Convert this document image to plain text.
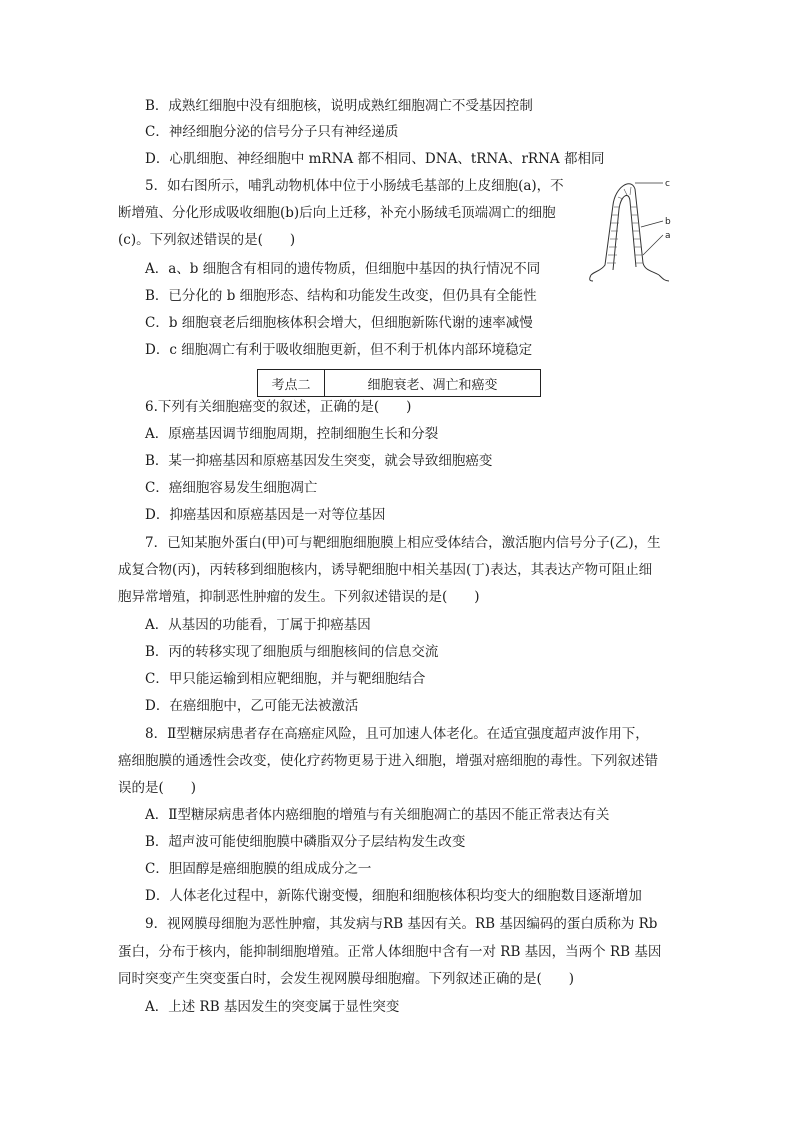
B．成熟红细胞中没有细胞核，说明成熟红细胞凋亡不受基因控制
C．神经细胞分泌的信号分子只有神经递质
D．心肌细胞、神经细胞中 mRNA 都不相同、DNA、tRNA、rRNA 都相同
5．如右图所示，哺乳动物机体中位于小肠绒毛基部的上皮细胞(a)，不
断增殖、分化形成吸收细胞(b)后向上迁移，补充小肠绒毛顶端凋亡的细胞
(c)。下列叙述错误的是(　　)
A．a、b 细胞含有相同的遗传物质，但细胞中基因的执行情况不同
B．已分化的 b 细胞形态、结构和功能发生改变，但仍具有全能性
C．b 细胞衰老后细胞核体积会增大，但细胞新陈代谢的速率减慢
D．c 细胞凋亡有利于吸收细胞更新，但不利于机体内部环境稳定
考点二	细胞衰老、凋亡和癌变
6.下列有关细胞癌变的叙述，正确的是(　　)
A．原癌基因调节细胞周期，控制细胞生长和分裂
B．某一抑癌基因和原癌基因发生突变，就会导致细胞癌变
C．癌细胞容易发生细胞凋亡
D．抑癌基因和原癌基因是一对等位基因
7．已知某胞外蛋白(甲)可与靶细胞细胞膜上相应受体结合，激活胞内信号分子(乙)，生
成复合物(丙)，丙转移到细胞核内，诱导靶细胞中相关基因(丁)表达，其表达产物可阻止细
胞异常增殖，抑制恶性肿瘤的发生。下列叙述错误的是(　　)
A．从基因的功能看，丁属于抑癌基因
B．丙的转移实现了细胞质与细胞核间的信息交流
C．甲只能运输到相应靶细胞，并与靶细胞结合
D．在癌细胞中，乙可能无法被激活
8．Ⅱ型糖尿病患者存在高癌症风险，且可加速人体老化。在适宜强度超声波作用下，
癌细胞膜的通透性会改变，使化疗药物更易于进入细胞，增强对癌细胞的毒性。下列叙述错
误的是(　　)
A．Ⅱ型糖尿病患者体内癌细胞的增殖与有关细胞凋亡的基因不能正常表达有关
B．超声波可能使细胞膜中磷脂双分子层结构发生改变
C．胆固醇是癌细胞膜的组成成分之一
D．人体老化过程中，新陈代谢变慢，细胞和细胞核体积均变大的细胞数目逐渐增加
9．视网膜母细胞为恶性肿瘤，其发病与RB 基因有关。RB 基因编码的蛋白质称为 Rb
蛋白，分布于核内，能抑制细胞增殖。正常人体细胞中含有一对 RB 基因，当两个 RB 基因
同时突变产生突变蛋白时，会发生视网膜母细胞瘤。下列叙述正确的是(　　)
A．上述 RB 基因发生的突变属于显性突变
c
b
a
